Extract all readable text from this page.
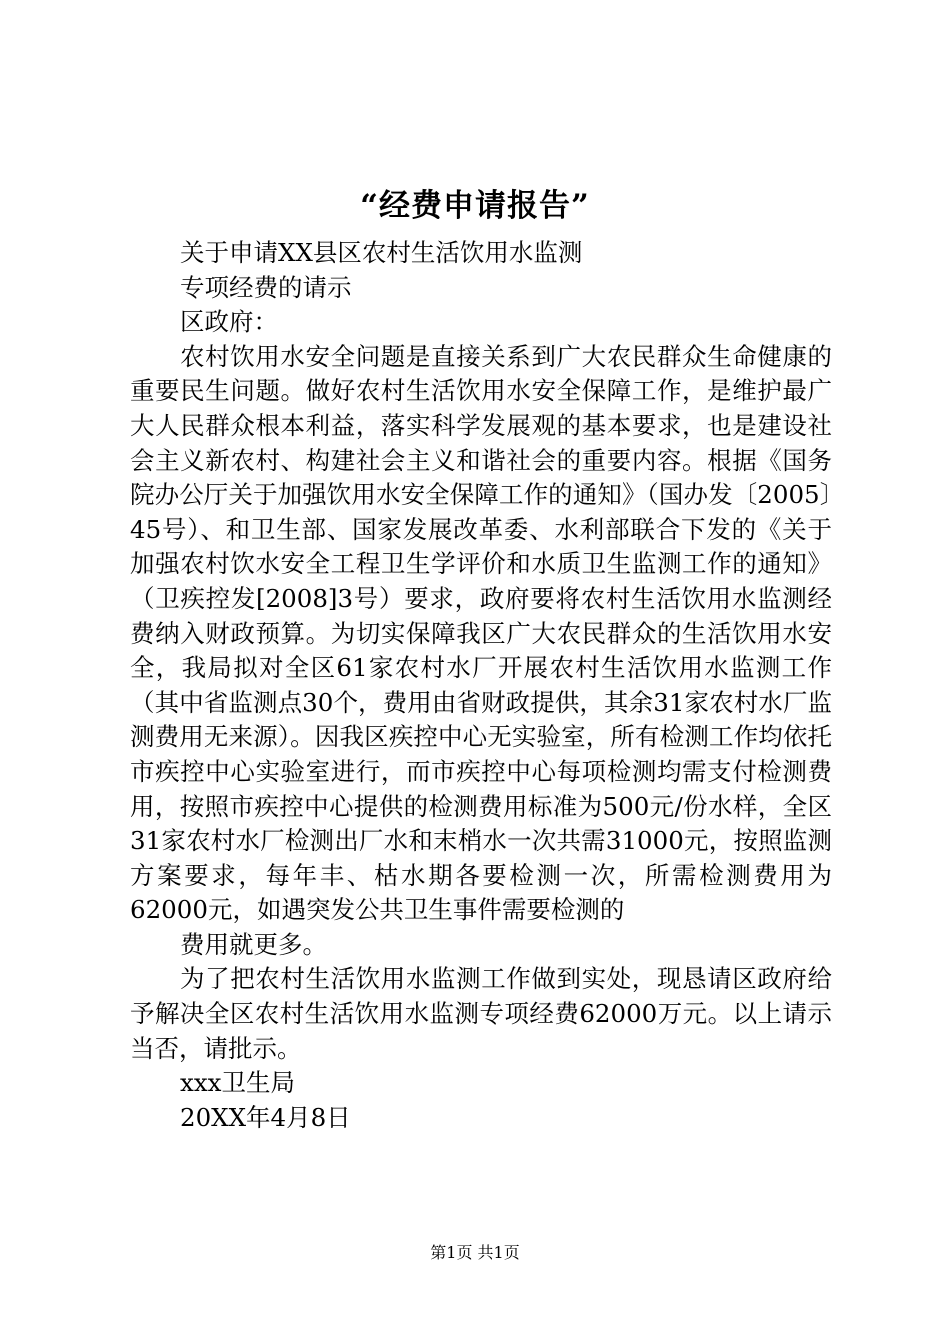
“经费申请报告”
关于申请XX县区农村生活饮用水监测
专项经费的请示
区政府：
农村饮用水安全问题是直接关系到广大农民群众生命健康的重要民生问题。做好农村生活饮用水安全保障工作，是维护最广大人民群众根本利益，落实科学发展观的基本要求，也是建设社会主义新农村、构建社会主义和谐社会的重要内容。根据《国务院办公厅关于加强饮用水安全保障工作的通知》（国办发〔2005〕45号）、和卫生部、国家发展改革委、水利部联合下发的《关于加强农村饮水安全工程卫生学评价和水质卫生监测工作的通知》（卫疾控发[2008]3号）要求，政府要将农村生活饮用水监测经费纳入财政预算。为切实保障我区广大农民群众的生活饮用水安全，我局拟对全区61家农村水厂开展农村生活饮用水监测工作（其中省监测点30个，费用由省财政提供，其余31家农村水厂监测费用无来源）。因我区疾控中心无实验室，所有检测工作均依托市疾控中心实验室进行，而市疾控中心每项检测均需支付检测费用，按照市疾控中心提供的检测费用标准为500元/份水样，全区31家农村水厂检测出厂水和末梢水一次共需31000元，按照监测方案要求，每年丰、枯水期各要检测一次，所需检测费用为62000元，如遇突发公共卫生事件需要检测的
费用就更多。
为了把农村生活饮用水监测工作做到实处，现恳请区政府给予解决全区农村生活饮用水监测专项经费62000万元。以上请示当否，请批示。
xxx卫生局
20XX年4月8日
第1页 共1页
